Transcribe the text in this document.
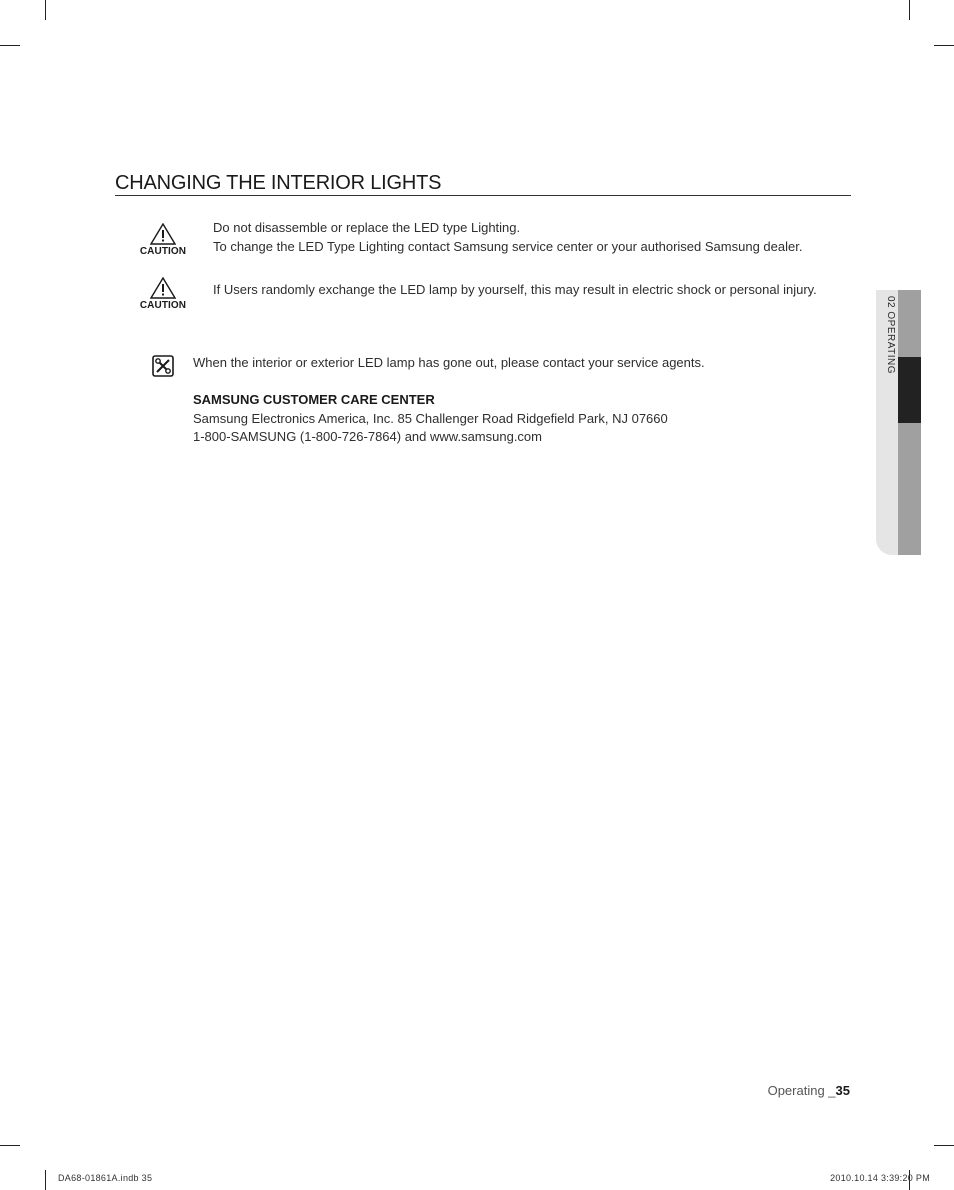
CHANGING THE INTERIOR LIGHTS
CAUTION
Do not disassemble or replace the LED type Lighting.
To change the LED Type Lighting contact Samsung service center or your authorised Samsung dealer.
CAUTION
If Users randomly exchange the LED lamp by yourself, this may result in electric shock or personal injury.
When the interior or exterior LED lamp has gone out, please contact your service agents.
SAMSUNG CUSTOMER CARE CENTER
Samsung Electronics America, Inc. 85 Challenger Road Ridgefield Park, NJ 07660
1-800-SAMSUNG (1-800-726-7864) and www.samsung.com
02 OPERATING
Operating _35
DA68-01861A.indb 35	2010.10.14 3:39:20 PM
